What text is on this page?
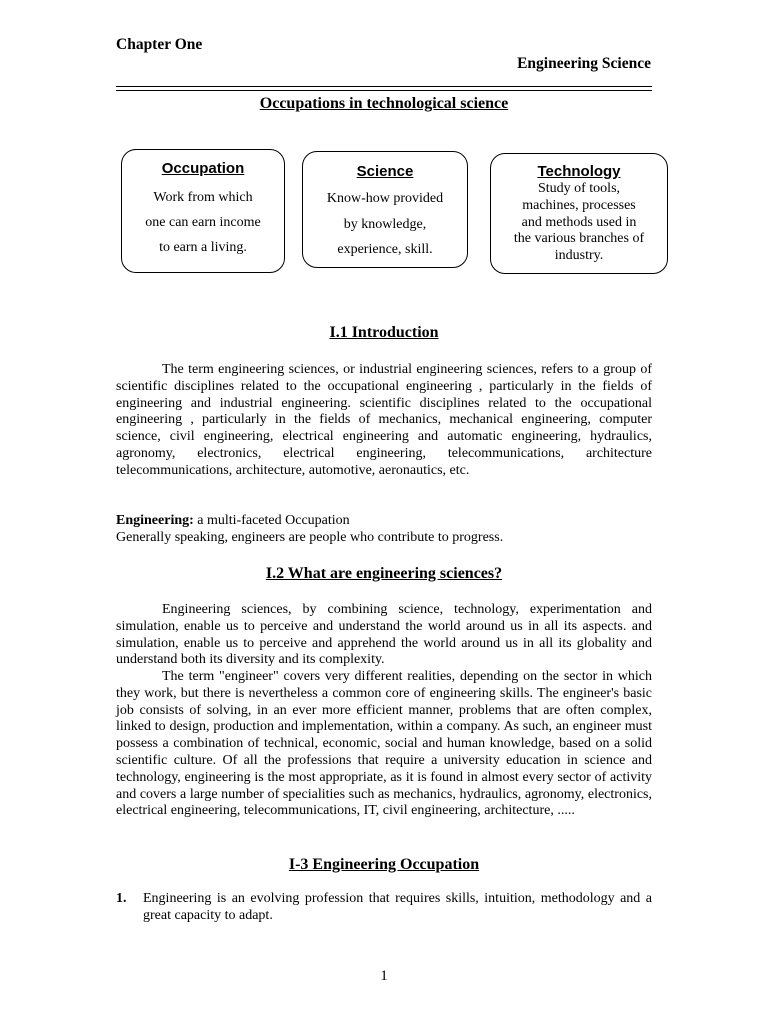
Chapter One
Engineering Science
Occupations in technological science
Occupation
Work from which
one can earn income
to earn a living.
Science
Know-how provided
by knowledge,
experience, skill.
Technology
Study of tools,
machines, processes
and methods used in
the various branches of
industry.
I.1 Introduction

The term engineering sciences, or industrial engineering sciences, refers to a group of scientific disciplines related to the occupational engineering , particularly in the fields of engineering and industrial engineering. scientific disciplines related to the occupational engineering , particularly in the fields of mechanics, mechanical engineering, computer science, civil engineering, electrical engineering and automatic engineering, hydraulics, agronomy, electronics, electrical engineering, telecommunications, architecture telecommunications, architecture, automotive, aeronautics, etc.

Engineering: a multi-faceted Occupation
Generally speaking, engineers are people who contribute to progress.
I.2 What are engineering sciences?

Engineering sciences, by combining science, technology, experimentation and simulation, enable us to perceive and understand the world around us in all its aspects. and simulation, enable us to perceive and apprehend the world around us in all its globality and understand both its diversity and its complexity.

The term "engineer" covers very different realities, depending on the sector in which they work, but there is nevertheless a common core of engineering skills. The engineer's basic job consists of solving, in an ever more efficient manner, problems that are often complex, linked to design, production and implementation, within a company. As such, an engineer must possess a combination of technical, economic, social and human knowledge, based on a solid scientific culture. Of all the professions that require a university education in science and technology, engineering is the most appropriate, as it is found in almost every sector of activity and covers a large number of specialities such as mechanics, hydraulics, agronomy, electronics, electrical engineering, telecommunications, IT, civil engineering, architecture, .....

I-3 Engineering Occupation
1. Engineering is an evolving profession that requires skills, intuition, methodology and a great capacity to adapt.
1
